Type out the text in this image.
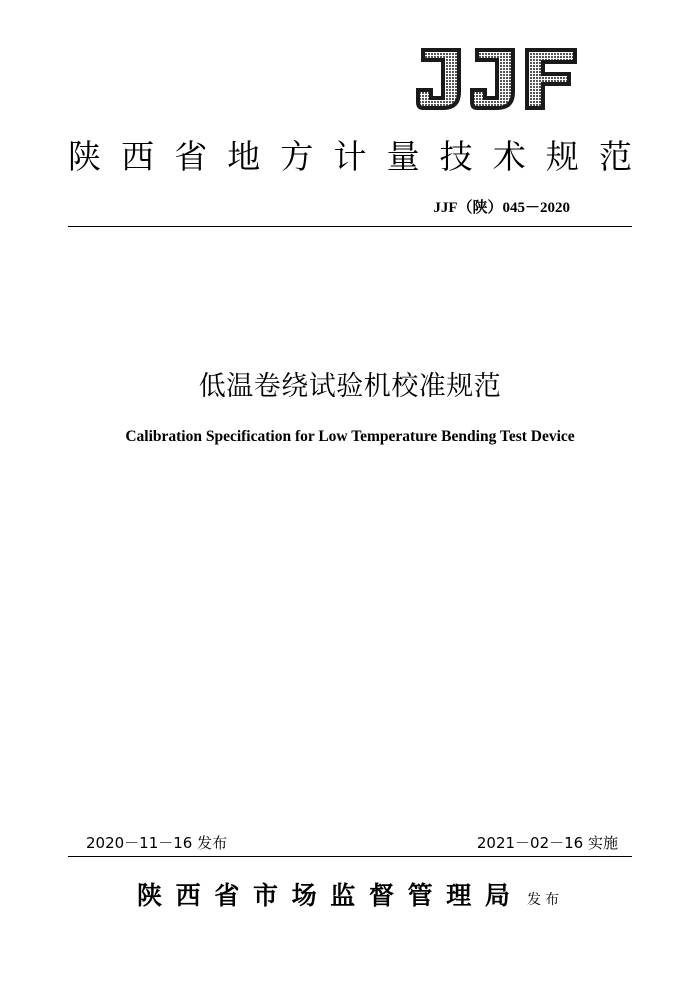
陕 西 省 地 方 计 量 技 术 规 范
JJF（陕）045－2020
低温卷绕试验机校准规范
Calibration Specification for Low Temperature Bending Test Device
2020－11－16 发布	2021－02－16 实施
陕 西 省 市 场 监 督 管 理 局 发布
